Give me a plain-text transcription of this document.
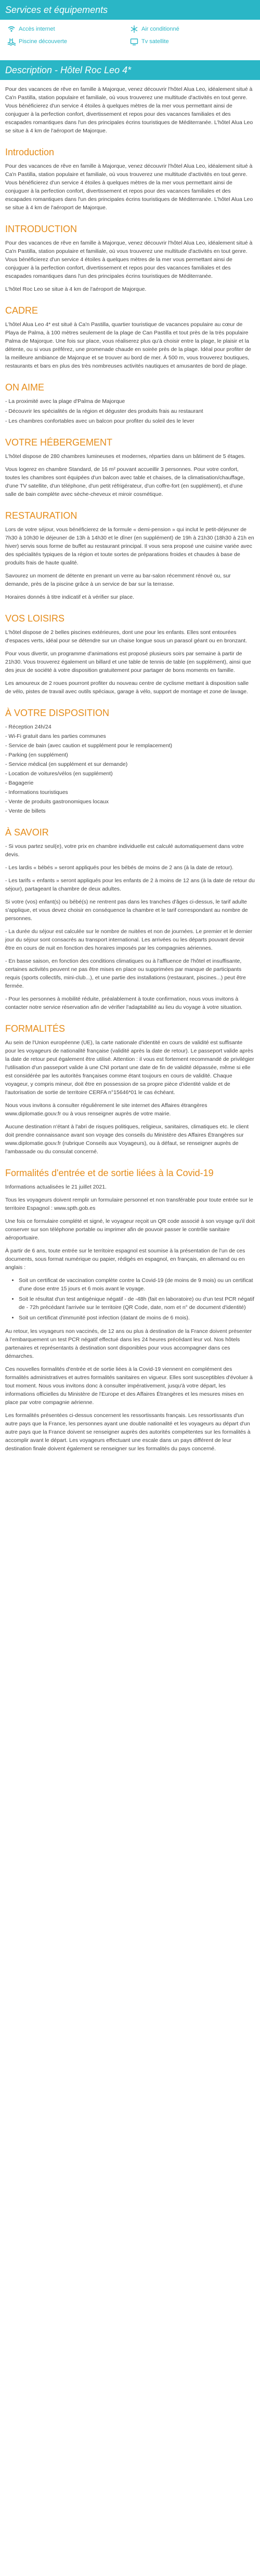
Services et équipements
Accès internet	Air conditionné
Piscine découverte	Tv satellite
Description - Hôtel Roc Leo 4*

Pour des vacances de rêve en famille à Majorque, venez découvrir l'hôtel Alua Leo, idéalement situé à Ca'n Pastilla, station populaire et familiale, où vous trouverez une multitude d'activités en tout genre. Vous bénéficierez d'un service 4 étoiles à quelques mètres de la mer vous permettant ainsi de conjuguer à la perfection confort, divertissement et repos pour des vacances familiales et des escapades romantiques dans l'un des principales écrins touristiques de Méditerranée. L'hôtel Alua Leo se situe à 4 km de l'aéroport de Majorque.

Introduction

Pour des vacances de rêve en famille à Majorque, venez découvrir l'hôtel Alua Leo, idéalement situé à Ca'n Pastilla, station populaire et familiale, où vous trouverez une multitude d'activités en tout genre. Vous bénéficierez d'un service 4 étoiles à quelques mètres de la mer vous permettant ainsi de conjuguer à la perfection confort, divertissement et repos pour des vacances familiales et des escapades romantiques dans l'un des principales écrins touristiques de Méditerranée. L'hôtel Alua Leo se situe à 4 km de l'aéroport de Majorque.

INTRODUCTION

Pour des vacances de rêve en famille à Majorque, venez découvrir l'hôtel Alua Leo, idéalement situé à Ca'n Pastilla, station populaire et familiale, où vous trouverez une multitude d'activités en tout genre. Vous bénéficierez d'un service 4 étoiles à quelques mètres de la mer vous permettant ainsi de conjuguer à la perfection confort, divertissement et repos pour des vacances familiales et des escapades romantiques dans l'un des principales écrins touristiques de Méditerranée.

L'hôtel Roc Leo se situe à 4 km de l'aéroport de Majorque.

CADRE

L'hôtel Alua Leo 4* est situé à Ca'n Pastilla, quartier touristique de vacances populaire au cœur de Playa de Palma, à 100 mètres seulement de la plage de Can Pastilla et tout près de la très populaire Palma de Majorque. Une fois sur place, vous réaliserez plus qu'à choisir entre la plage, le plaisir et la détente, ou si vous préférez, une promenade chaude en soirée près de la plage. Idéal pour profiter de la meilleure ambiance de Majorque et se trouver au bord de mer. À 500 m, vous trouverez boutiques, restaurants et bars en plus des très nombreuses activités nautiques et amusantes de bord de plage.

ON AIME

- La proximité avec la plage d'Palma de Majorque

- Découvrir les spécialités de la région et déguster des produits frais au restaurant

- Les chambres confortables avec un balcon pour profiter du soleil des le lever

VOTRE HÉBERGEMENT

L'hôtel dispose de 280 chambres lumineuses et modernes, réparties dans un bâtiment de 5 étages.

Vous logerez en chambre Standard, de 16 m² pouvant accueillir 3 personnes. Pour votre confort, toutes les chambres sont équipées d'un balcon avec table et chaises, de la climatisation/chauffage, d'une TV satellite, d'un téléphone, d'un petit réfrigérateur, d'un coffre-fort (en supplément), et d'une salle de bain complète avec sèche-cheveux et miroir cosmétique.

RESTAURATION

Lors de votre séjour, vous bénéficierez de la formule « demi-pension » qui inclut le petit-déjeuner de 7h30 à 10h30 le déjeuner de 13h à 14h30 et le dîner (en supplément) de 19h à 21h30 (18h30 à 21h en hiver) servis sous forme de buffet au restaurant principal. Il vous sera proposé une cuisine variée avec des spécialités typiques de la région et toute sortes de préparations froides et chaudes à base de produits frais de haute qualité.

Savourez un moment de détente en prenant un verre au bar-salon récemment rénové ou, sur demande, près de la piscine grâce à un service de bar sur la terrasse.

Horaires donnés à titre indicatif et à vérifier sur place.

VOS LOISIRS

L'hôtel dispose de 2 belles piscines extérieures, dont une pour les enfants. Elles sont entourées d'espaces verts, idéal pour se détendre sur un chaise longue sous un parasol géant ou en bronzant.

Pour vous divertir, un programme d'animations est proposé plusieurs soirs par semaine à partir de 21h30. Vous trouverez également un billard et une table de tennis de table (en supplément), ainsi que des jeux de société à votre disposition gratuitement pour partager de bons moments en famille.

Les amoureux de 2 roues pourront profiter du nouveau centre de cyclisme mettant à disposition salle de vélo, pistes de travail avec outils spéciaux, garage à vélo, support de montage et zone de lavage.

À VOTRE DISPOSITION

- Réception 24h/24

- Wi-Fi gratuit dans les parties communes

- Service de bain (avec caution et supplément pour le remplacement)

- Parking (en supplément)

- Service médical (en supplément et sur demande)

- Location de voitures/vélos (en supplément)

- Bagagerie

- Informations touristiques

- Vente de produits gastronomiques locaux

- Vente de billets

À SAVOIR

- Si vous partez seul(e), votre prix en chambre individuelle est calculé automatiquement dans votre devis.

- Les lardis « bébés » seront appliqués pour les bébés de moins de 2 ans (à la date de retour).

- Les tarifs « enfants » seront appliqués pour les enfants de 2 à moins de 12 ans (à la date de retour du séjour), partageant la chambre de deux adultes.

Si votre (vos) enfant(s) ou bébé(s) ne rentrent pas dans les tranches d'âges ci-dessus, le tarif adulte s'applique, et vous devez choisir en conséquence la chambre et le tarif correspondant au nombre de personnes.

- La durée du séjour est calculée sur le nombre de nuitées et non de journées. Le premier et le dernier jour du séjour sont consacrés au transport international. Les arrivées ou les départs pouvant devoir être en cours de nuit en fonction des horaires imposés par les compagnies aériennes.

- En basse saison, en fonction des conditions climatiques ou à l'affluence de l'hôtel et insuffisante, certaines activités peuvent ne pas être mises en place ou supprimées par manque de participants requis (sports collectifs, mini-club...), et une partie des installations (restaurant, piscines...) peut être fermée.

- Pour les personnes à mobilité réduite, préalablement à toute confirmation, nous vous invitons à contacter notre service réservation afin de vérifier l'adaptabilité au lieu du voyage à votre situation.

FORMALITÉS

Au sein de l'Union européenne (UE), la carte nationale d'identité en cours de validité est suffisante pour les voyageurs de nationalité française (validité après la date de retour). Le passeport valide après la date de retour peut également être utilisé. Attention : il vous est fortement recommandé de privilégier l'utilisation d'un passeport valide à une CNI portant une date de fin de validité dépassée, même si elle est considérée par les autorités françaises comme étant toujours en cours de validité. Chaque voyageur, y compris mineur, doit être en possession de sa propre pièce d'identité valide et de l'autorisation de sortie de territoire CERFA n°15646*01 le cas échéant.

Nous vous invitons à consulter régulièrement le site internet des Affaires étrangères www.diplomatie.gouv.fr ou à vous renseigner auprès de votre mairie.

Aucune destination n'étant à l'abri de risques politiques, religieux, sanitaires, climatiques etc. le client doit prendre connaissance avant son voyage des conseils du Ministère des Affaires Étrangères sur www.diplomatie.gouv.fr (rubrique Conseils aux Voyageurs), ou à défaut, se renseigner auprès de l'ambassade ou du consulat concerné.

Formalités d'entrée et de sortie liées à la Covid-19

Informations actualisées le 21 juillet 2021.

Tous les voyageurs doivent remplir un formulaire personnel et non transférable pour toute entrée sur le territoire Espagnol : www.spth.gob.es

Une fois ce formulaire complété et signé, le voyageur reçoit un QR code associé à son voyage qu'il doit conserver sur son téléphone portable ou imprimer afin de pouvoir passer le contrôle sanitaire aéroportuaire.

À partir de 6 ans, toute entrée sur le territoire espagnol est soumise à la présentation de l'un de ces documents, sous format numérique ou papier, rédigés en espagnol, en français, en allemand ou en anglais :

• Soit un certificat de vaccination complète contre la Covid-19 (de moins de 9 mois) ou un certificat d'une dose entre 15 jours et 6 mois avant le voyage.
• Soit le résultat d'un test antigénique négatif - de -48h (fait en laboratoire) ou d'un test PCR négatif de - 72h précédant l'arrivée sur le territoire (QR Code, date, nom et n° de document d'identité)
• Soit un certificat d'immunité post infection (datant de moins de 6 mois).

Au retour, les voyageurs non vaccinés, de 12 ans ou plus à destination de la France doivent présenter à l'embarquement un test PCR négatif effectué dans les 24 heures précédant leur vol. Nos hôtels partenaires et représentants à destination sont disponibles pour vous accompagner dans ces démarches.

Ces nouvelles formalités d'entrée et de sortie liées à la Covid-19 viennent en complément des formalités administratives et autres formalités sanitaires en vigueur. Elles sont susceptibles d'évoluer à tout moment. Nous vous invitons donc à consulter impérativement, jusqu'à votre départ, les informations officielles du Ministère de l'Europe et des Affaires Étrangères et les mesures mises en place par votre compagnie aérienne.

Les formalités présentées ci-dessus concernent les ressortissants français. Les ressortissants d'un autre pays que la France, les personnes ayant une double nationalité et les voyageurs au départ d'un autre pays que la France doivent se renseigner auprès des autorités compétentes sur les formalités à accomplir avant le départ. Les voyageurs effectuant une escale dans un pays différent de leur destination finale doivent également se renseigner sur les formalités du pays concerné.
